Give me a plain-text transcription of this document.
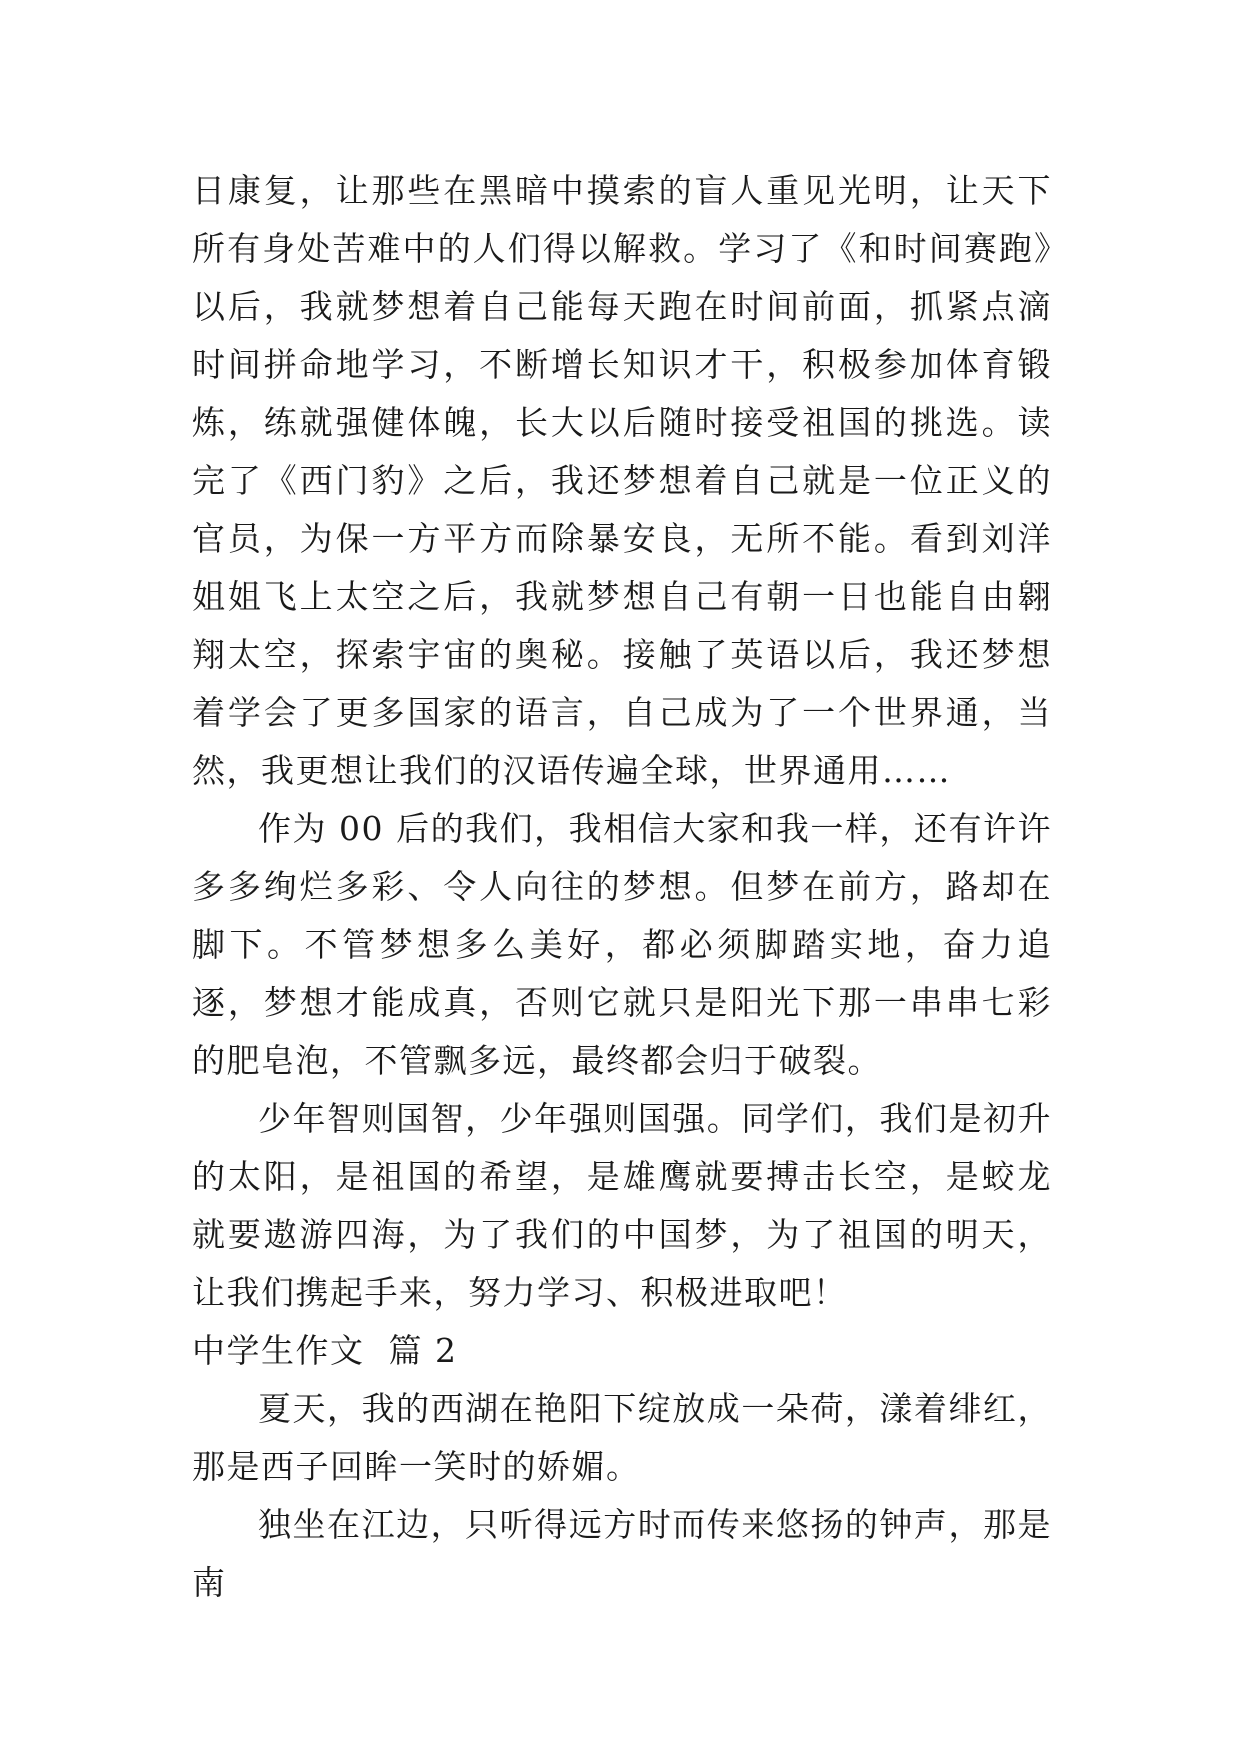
日康复，让那些在黑暗中摸索的盲人重见光明，让天下所有身处苦难中的人们得以解救。学习了《和时间赛跑》以后，我就梦想着自己能每天跑在时间前面，抓紧点滴时间拼命地学习，不断增长知识才干，积极参加体育锻炼，练就强健体魄，长大以后随时接受祖国的挑选。读完了《西门豹》之后，我还梦想着自己就是一位正义的官员，为保一方平方而除暴安良，无所不能。看到刘洋姐姐飞上太空之后，我就梦想自己有朝一日也能自由翱翔太空，探索宇宙的奥秘。接触了英语以后，我还梦想着学会了更多国家的语言，自己成为了一个世界通，当然，我更想让我们的汉语传遍全球，世界通用……

作为 00 后的我们，我相信大家和我一样，还有许许多多绚烂多彩、令人向往的梦想。但梦在前方，路却在脚下。不管梦想多么美好，都必须脚踏实地，奋力追逐，梦想才能成真，否则它就只是阳光下那一串串七彩的肥皂泡，不管飘多远，最终都会归于破裂。

少年智则国智，少年强则国强。同学们，我们是初升的太阳，是祖国的希望，是雄鹰就要搏击长空，是蛟龙就要遨游四海，为了我们的中国梦，为了祖国的明天，让我们携起手来，努力学习、积极进取吧！

中学生作文  篇 2

夏天，我的西湖在艳阳下绽放成一朵荷，漾着绯红，那是西子回眸一笑时的娇媚。

独坐在江边，只听得远方时而传来悠扬的钟声，那是南
